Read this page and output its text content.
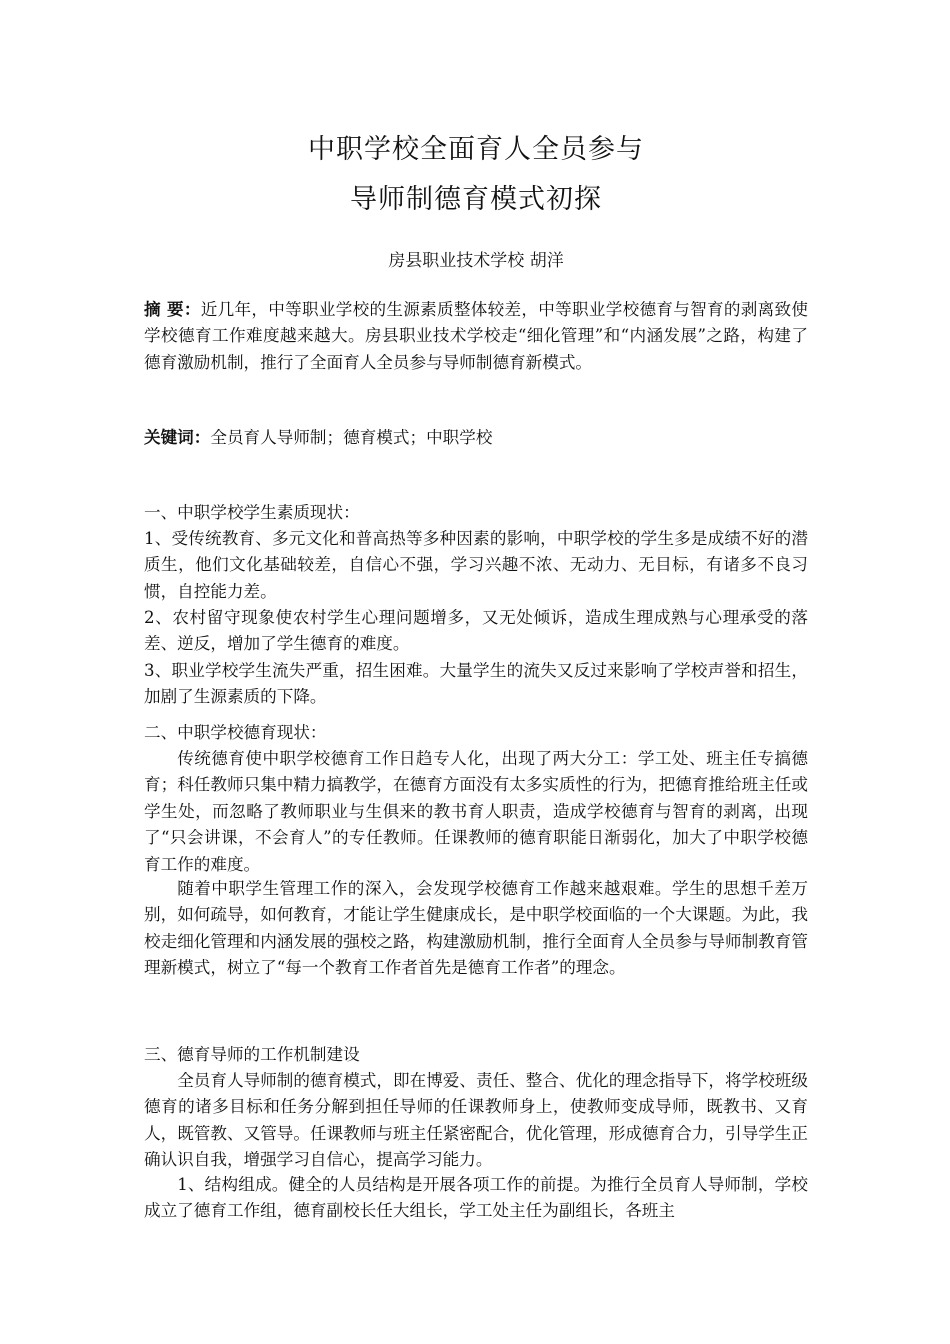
中职学校全面育人全员参与
导师制德育模式初探
房县职业技术学校 胡洋

摘 要：近几年，中等职业学校的生源素质整体较差，中等职业学校德育与智育的剥离致使学校德育工作难度越来越大。房县职业技术学校走“细化管理”和“内涵发展”之路，构建了德育激励机制，推行了全面育人全员参与导师制德育新模式。

关键词：全员育人导师制；德育模式；中职学校

一、中职学校学生素质现状：

1、受传统教育、多元文化和普高热等多种因素的影响，中职学校的学生多是成绩不好的潜质生，他们文化基础较差，自信心不强，学习兴趣不浓、无动力、无目标，有诸多不良习惯，自控能力差。

2、农村留守现象使农村学生心理问题增多，又无处倾诉，造成生理成熟与心理承受的落差、逆反，增加了学生德育的难度。

3、职业学校学生流失严重，招生困难。大量学生的流失又反过来影响了学校声誉和招生，加剧了生源素质的下降。

二、中职学校德育现状：

传统德育使中职学校德育工作日趋专人化，出现了两大分工：学工处、班主任专搞德育；科任教师只集中精力搞教学，在德育方面没有太多实质性的行为，把德育推给班主任或学生处，而忽略了教师职业与生俱来的教书育人职责，造成学校德育与智育的剥离，出现了“只会讲课，不会育人”的专任教师。任课教师的德育职能日渐弱化，加大了中职学校德育工作的难度。

随着中职学生管理工作的深入，会发现学校德育工作越来越艰难。学生的思想千差万别，如何疏导，如何教育，才能让学生健康成长，是中职学校面临的一个大课题。为此，我校走细化管理和内涵发展的强校之路，构建激励机制，推行全面育人全员参与导师制教育管理新模式，树立了“每一个教育工作者首先是德育工作者”的理念。

三、德育导师的工作机制建设

全员育人导师制的德育模式，即在博爱、责任、整合、优化的理念指导下，将学校班级德育的诸多目标和任务分解到担任导师的任课教师身上，使教师变成导师，既教书、又育人，既管教、又管导。任课教师与班主任紧密配合，优化管理，形成德育合力，引导学生正确认识自我，增强学习自信心，提高学习能力。

1、结构组成。健全的人员结构是开展各项工作的前提。为推行全员育人导师制，学校成立了德育工作组，德育副校长任大组长，学工处主任为副组长，各班主
